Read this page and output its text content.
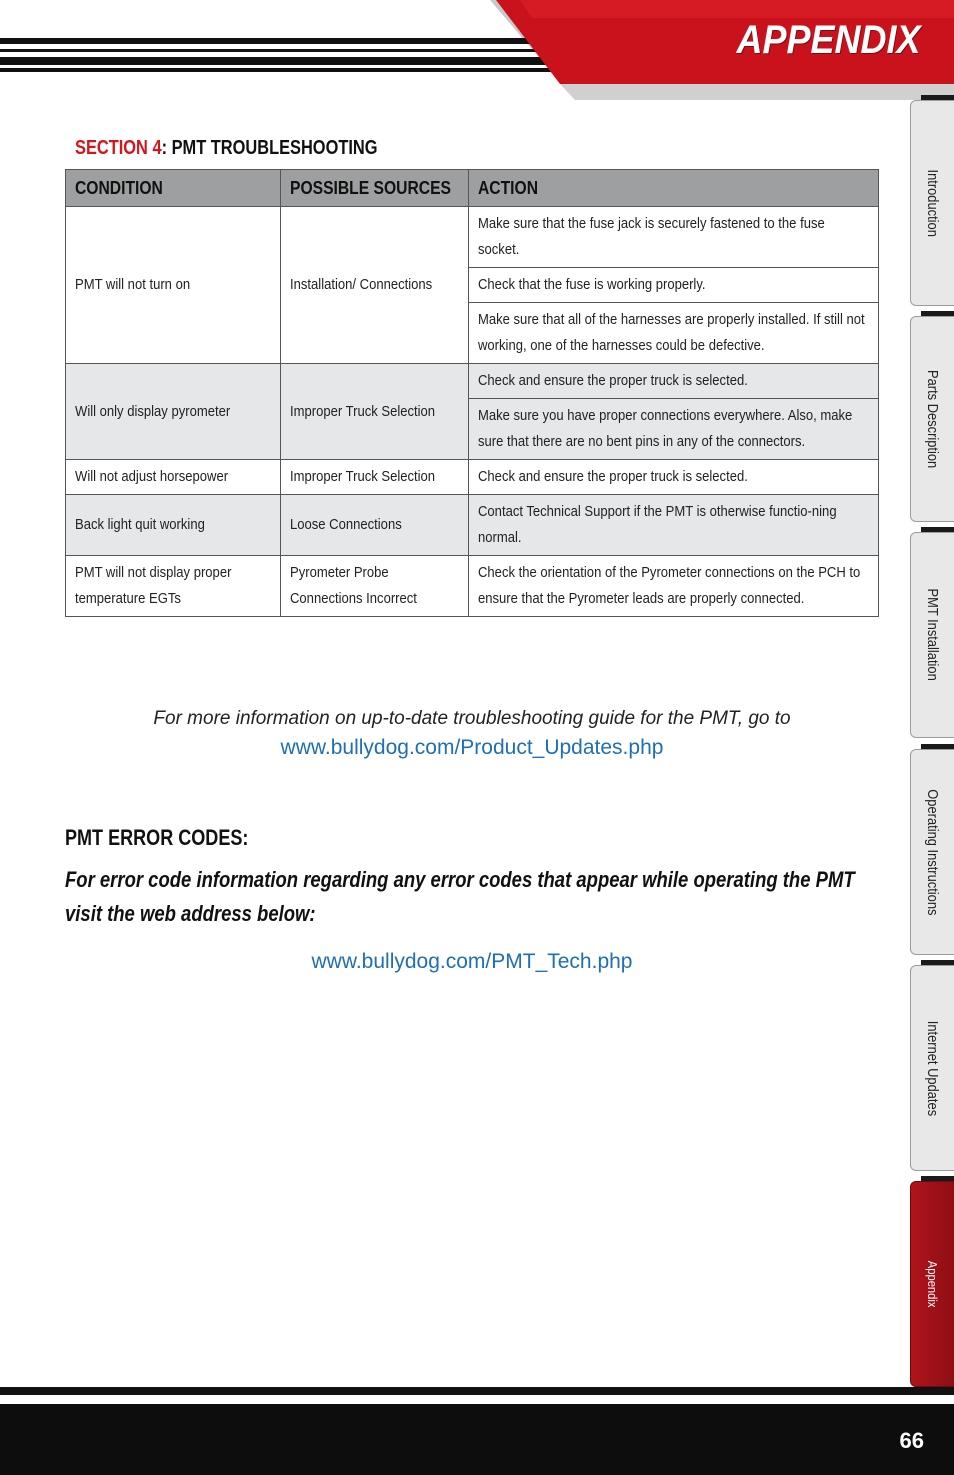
APPENDIX
Introduction
Parts Description
PMT Installation
Operating Instructions
Internet Updates
Appendix
SECTION 4: PMT TROUBLESHOOTING
CONDITION	POSSIBLE SOURCES	ACTION
PMT will not turn on	Installation/ Connections	Make sure that the fuse jack is securely fastened to the fuse socket.
		Check that the fuse is working properly.
		Make sure that all of the harnesses are properly installed. If still not working, one of the harnesses could be defective.
Will only display pyrometer	Improper Truck Selection	Check and ensure the proper truck is selected.
		Make sure you have proper connections everywhere. Also, make sure that there are no bent pins in any of the connectors.
Will not adjust horsepower	Improper Truck Selection	Check and ensure the proper truck is selected.
Back light quit working	Loose Connections	Contact Technical Support if the PMT is otherwise functio-ning normal.
PMT will not display proper temperature EGTs	Pyrometer Probe Connections Incorrect	Check the orientation of the Pyrometer connections on the PCH to ensure that the Pyrometer leads are properly connected.
For more information on up-to-date troubleshooting guide for the PMT, go to
www.bullydog.com/Product_Updates.php
PMT ERROR CODES:
For error code information regarding any error codes that appear while operating the PMT visit the web address below:
www.bullydog.com/PMT_Tech.php
66
